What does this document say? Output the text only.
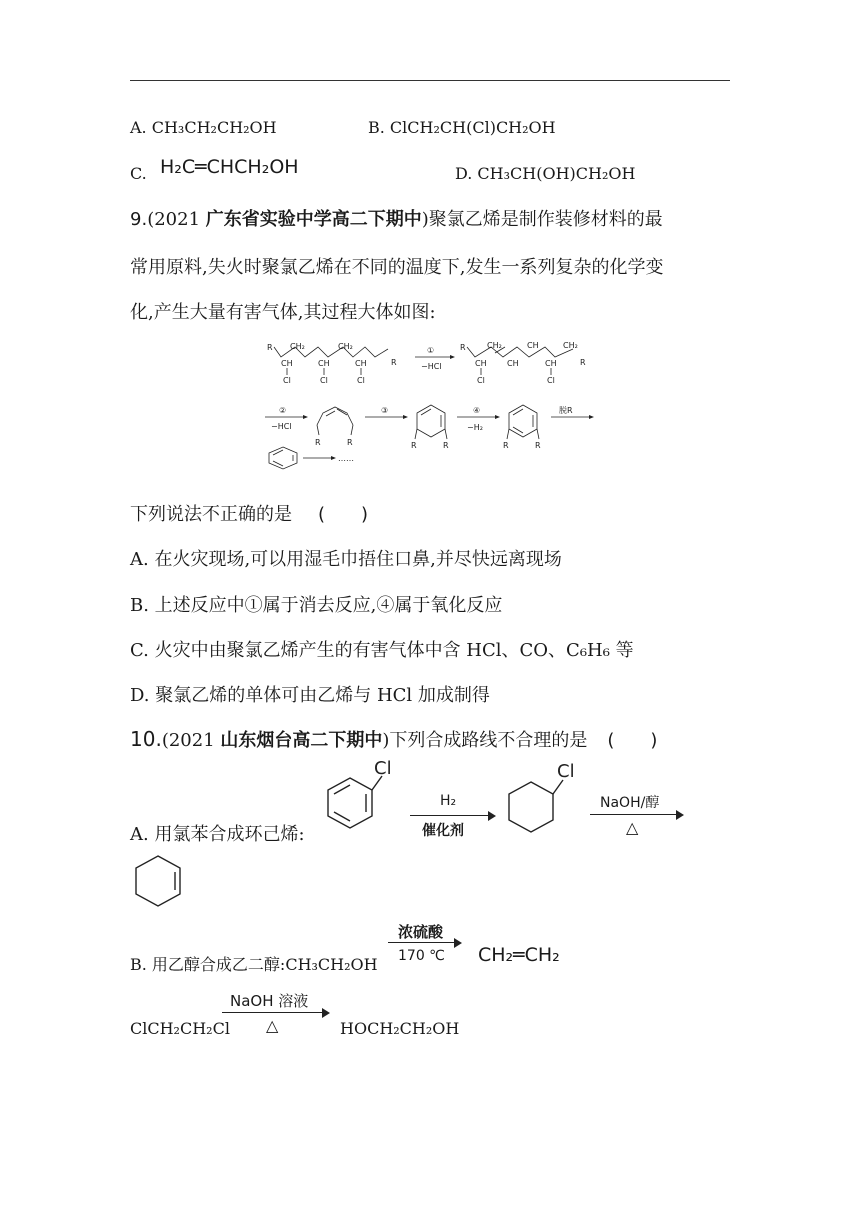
A. CH₃CH₂CH₂OH	B. ClCH₂CH(Cl)CH₂OH
C. H₂C═CHCH₂OH	D. CH₃CH(OH)CH₂OH
9.(2021 广东省实验中学高二下期中)聚氯乙烯是制作装修材料的最
常用原料,失火时聚氯乙烯在不同的温度下,发生一系列复杂的化学变
化,产生大量有害气体,其过程大体如图:
R
CH
CH₂
CH
CH₂
CH	R
Cl	Cl	Cl
①
−HCl
R
CH
CH₂
CH
CH
CH
CH₂
R
Cl	Cl
②
−HCl
R	R
③
R	R
④
−H₂
R	R
脱R
……
下列说法不正确的是 (　　)
A. 在火灾现场,可以用湿毛巾捂住口鼻,并尽快远离现场
B. 上述反应中①属于消去反应,④属于氧化反应
C. 火灾中由聚氯乙烯产生的有害气体中含 HCl、CO、C₆H₆ 等
D. 聚氯乙烯的单体可由乙烯与 HCl 加成制得
10.(2021 山东烟台高二下期中)下列合成路线不合理的是 (　　)
A. 用氯苯合成环己烯:
Cl
H₂
催化剂
Cl
NaOH/醇
△
B. 用乙醇合成乙二醇:CH₃CH₂OH
浓硫酸
170 ℃ CH₂═CH₂
ClCH₂CH₂Cl
NaOH 溶液
△	HOCH₂CH₂OH
